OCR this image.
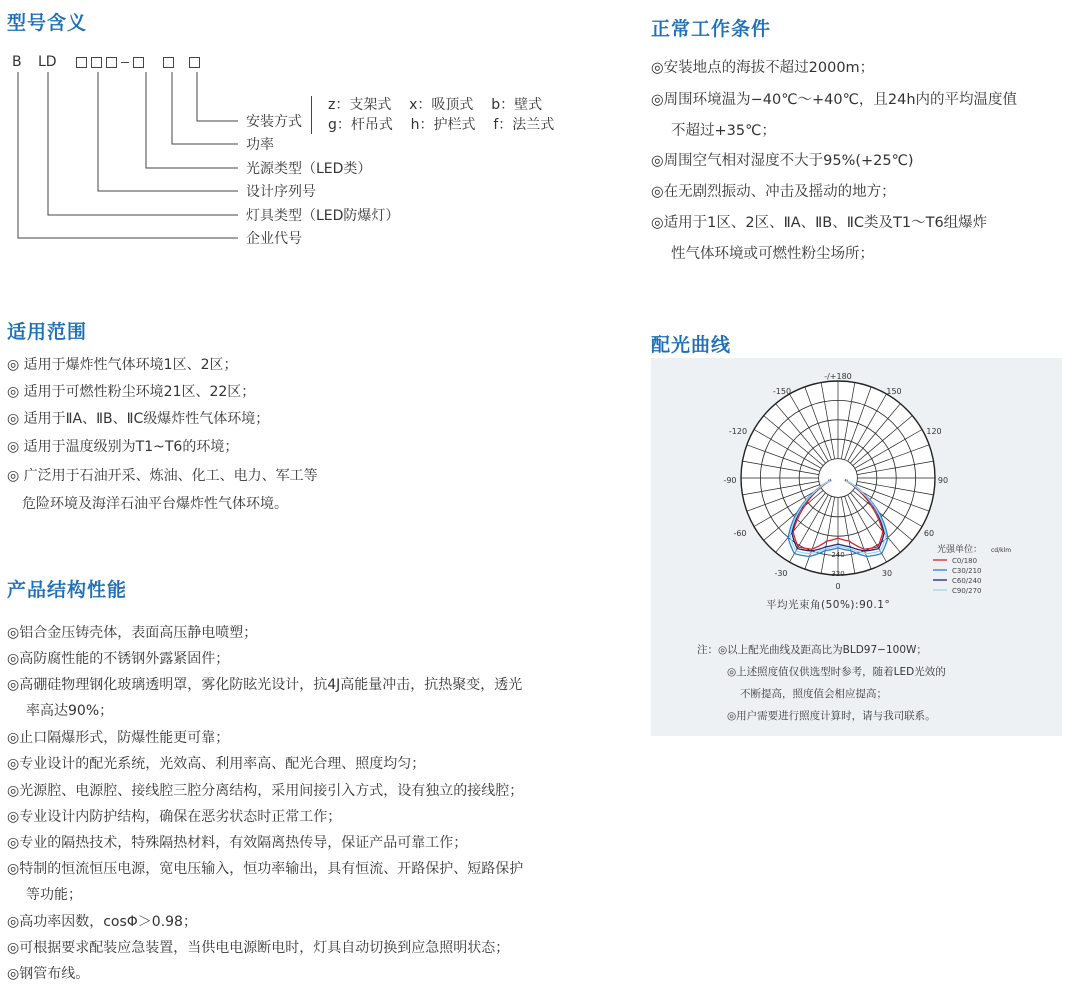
型号含义
B LD
安装方式
z：支架式    x：吸顶式    b：壁式
g：杆吊式    h：护栏式    f：法兰式
功率
光源类型（LED类）
设计序列号
灯具类型（LED防爆灯）
企业代号
适用范围
◎ 适用于爆炸性气体环境1区、2区；
◎ 适用于可燃性粉尘环境21区、22区；
◎ 适用于ⅡA、ⅡB、ⅡC级爆炸性气体环境；
◎ 适用于温度级别为T1~T6的环境；
◎ 广泛用于石油开采、炼油、化工、电力、军工等
危险环境及海洋石油平台爆炸性气体环境。
产品结构性能
◎铝合金压铸壳体，表面高压静电喷塑；
◎高防腐性能的不锈钢外露紧固件；
◎高硼硅物理钢化玻璃透明罩，雾化防眩光设计，抗4J高能量冲击，抗热聚变，透光
率高达90%；
◎止口隔爆形式，防爆性能更可靠；
◎专业设计的配光系统，光效高、利用率高、配光合理、照度均匀；
◎光源腔、电源腔、接线腔三腔分离结构，采用间接引入方式，设有独立的接线腔；
◎专业设计内防护结构，确保在恶劣状态时正常工作；
◎专业的隔热技术，特殊隔热材料，有效隔离热传导，保证产品可靠工作；
◎特制的恒流恒压电源，宽电压输入，恒功率输出，具有恒流、开路保护、短路保护
等功能；
◎高功率因数，cosΦ＞0.98；
◎可根据要求配装应急装置，当供电电源断电时，灯具自动切换到应急照明状态；
◎钢管布线。
正常工作条件
◎安装地点的海拔不超过2000m；
◎周围环境温为−40℃～+40℃，且24h内的平均温度值
不超过+35℃；
◎周围空气相对湿度不大于95%(+25℃)
◎在无剧烈振动、冲击及摇动的地方；
◎适用于1区、2区、ⅡA、ⅡB、ⅡC类及T1～T6组爆炸
性气体环境或可燃性粉尘场所；
配光曲线
-/+180
-150	150
-120	120
-90	90
-60	60
-30	30
0
240
320
光强单位： cd/klm
C0/180
C30/210
C60/240
C90/270
平均光束角(50%):90.1°
注：◎以上配光曲线及距高比为BLD97−100W；
◎上述照度值仅供选型时参考，随着LED光效的
不断提高，照度值会相应提高；
◎用户需要进行照度计算时，请与我司联系。
